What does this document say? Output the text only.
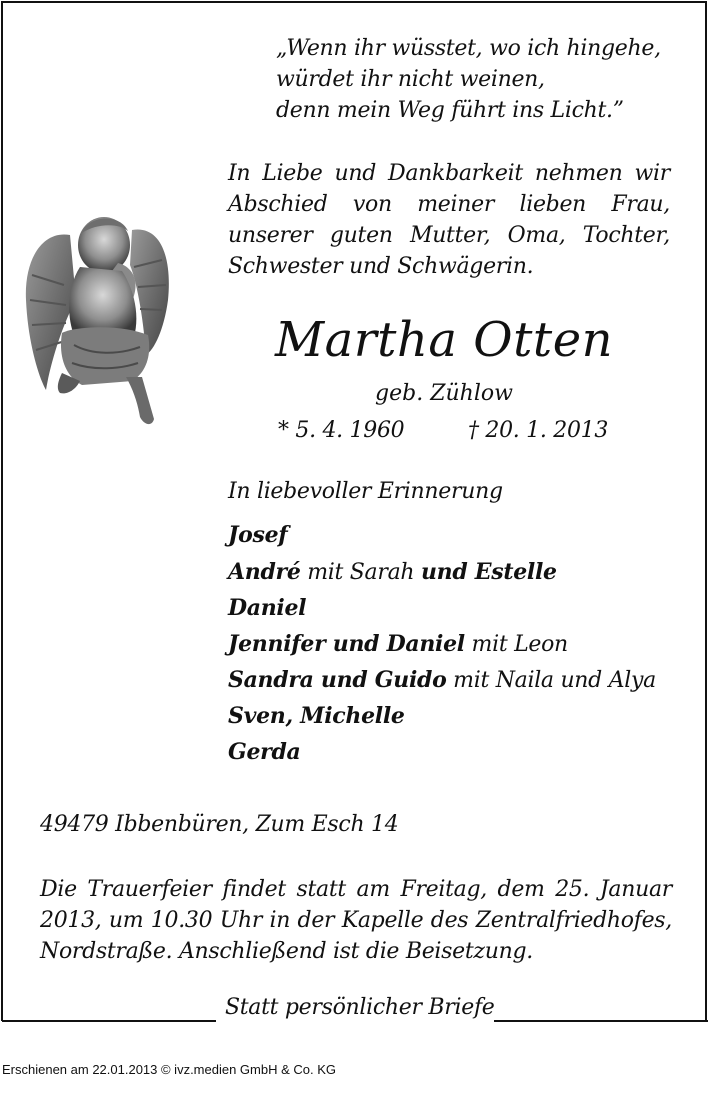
„Wenn ihr wüsstet, wo ich hingehe,
würdet ihr nicht weinen,
denn mein Weg führt ins Licht.”
In Liebe und Dankbarkeit nehmen wir Abschied von meiner lieben Frau, unserer guten Mutter, Oma, Tochter, Schwester und Schwägerin.
Martha Otten
geb. Zühlow
* 5. 4. 1960	† 20. 1. 2013
In liebevoller Erinnerung
Josef
André mit Sarah und Estelle
Daniel
Jennifer und Daniel mit Leon
Sandra und Guido mit Naila und Alya
Sven, Michelle
Gerda
49479 Ibbenbüren, Zum Esch 14
Die Trauerfeier findet statt am Freitag, dem 25. Januar 2013, um 10.30 Uhr in der Kapelle des Zentralfriedhofes, Nordstraße. Anschließend ist die Beisetzung.
Statt persönlicher Briefe
Erschienen am 22.01.2013 © ivz.medien GmbH & Co. KG
